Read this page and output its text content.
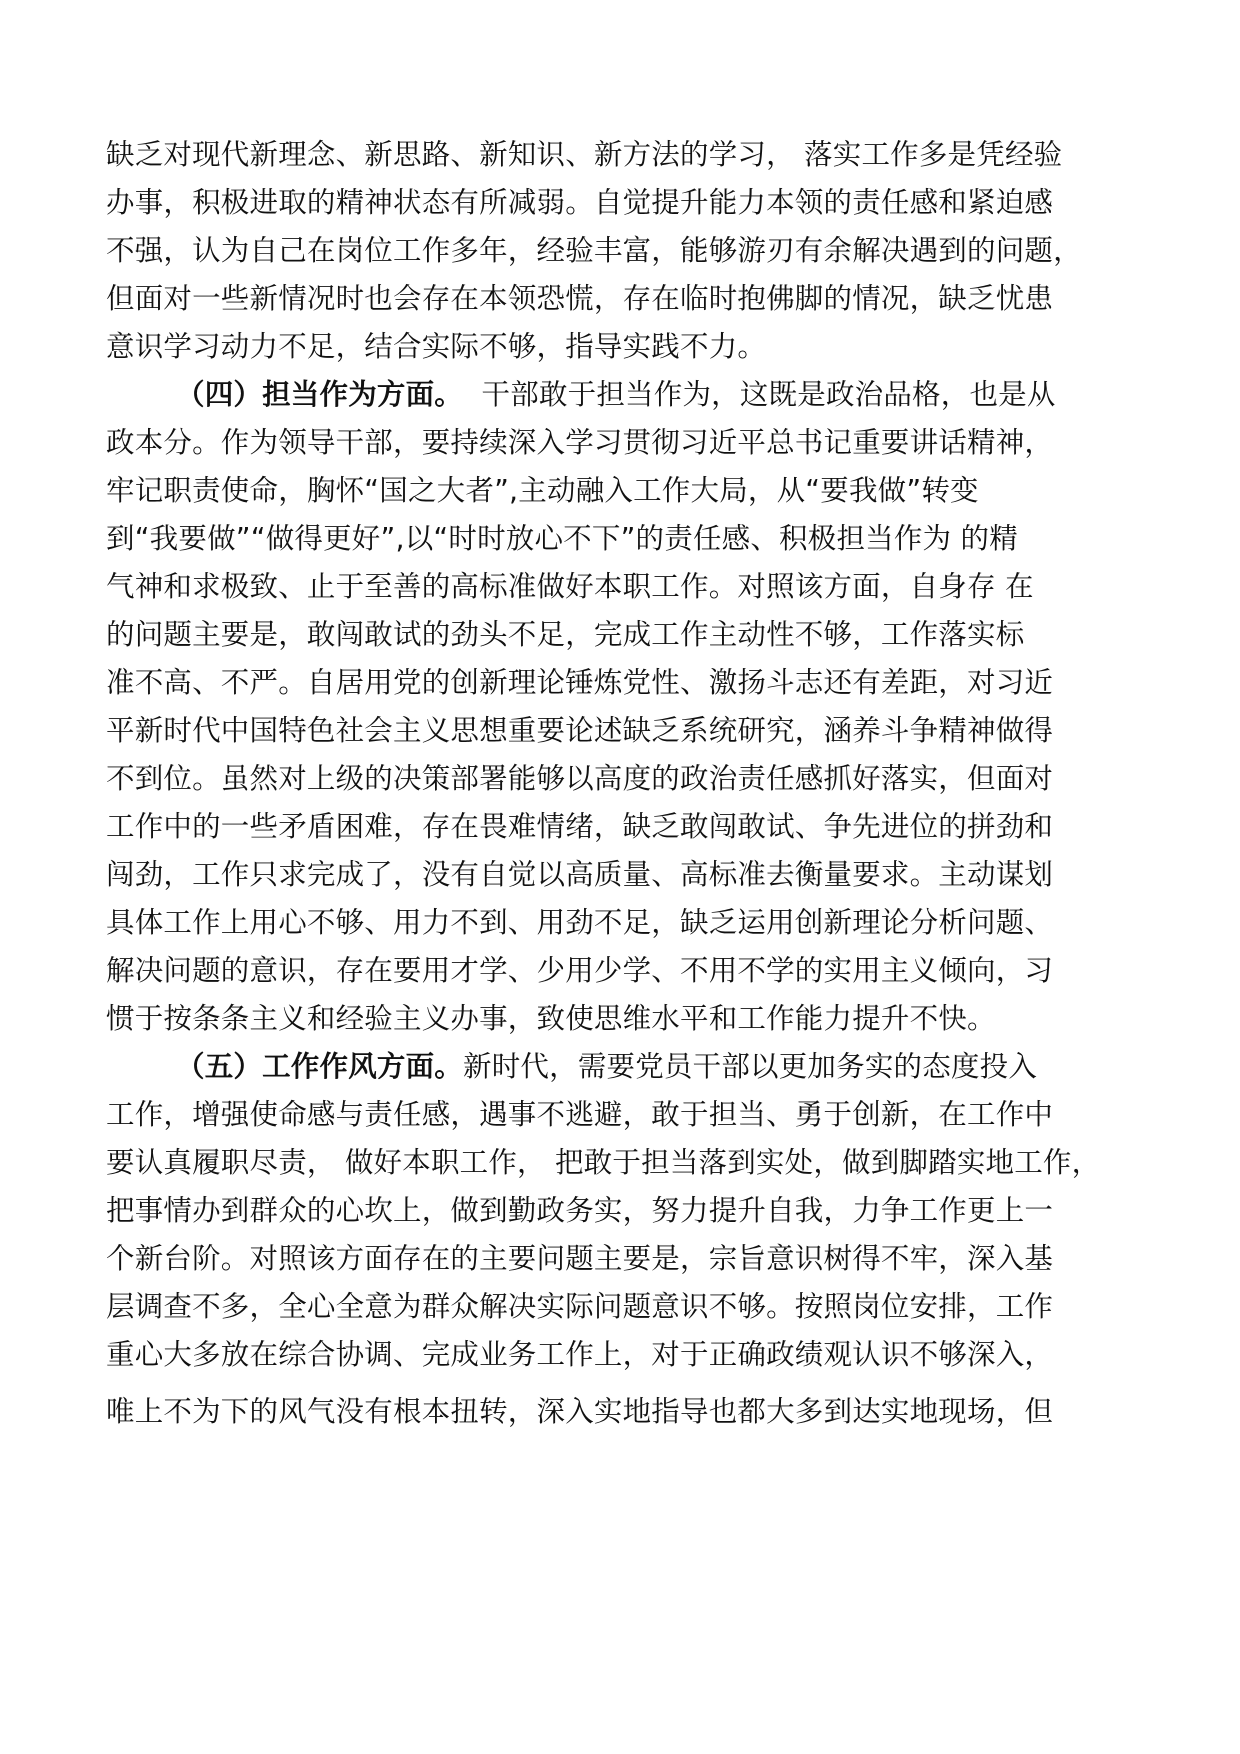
缺乏对现代新理念、新思路、新知识、新方法的学习， 落实工作多是凭经验
办事，积极进取的精神状态有所减弱。自觉提升能力本领的责任感和紧迫感
不强，认为自己在岗位工作多年，经验丰富，能够游刃有余解决遇到的问题，
但面对一些新情况时也会存在本领恐慌，存在临时抱佛脚的情况，缺乏忧患
意识学习动力不足，结合实际不够，指导实践不力。
（四）担当作为方面。 干部敢于担当作为，这既是政治品格，也是从
政本分。作为领导干部，要持续深入学习贯彻习近平总书记重要讲话精神，
牢记职责使命，胸怀“国之大者”,主动融入工作大局，从“要我做”转变
到“我要做”“做得更好”,以“时时放心不下”的责任感、积极担当作为 的精
气神和求极致、止于至善的高标准做好本职工作。对照该方面，自身存 在
的问题主要是，敢闯敢试的劲头不足，完成工作主动性不够，工作落实标
准不高、不严。自居用党的创新理论锤炼党性、激扬斗志还有差距，对习近
平新时代中国特色社会主义思想重要论述缺乏系统研究，涵养斗争精神做得
不到位。虽然对上级的决策部署能够以高度的政治责任感抓好落实，但面对
工作中的一些矛盾困难，存在畏难情绪，缺乏敢闯敢试、争先进位的拼劲和
闯劲，工作只求完成了，没有自觉以高质量、高标准去衡量要求。主动谋划
具体工作上用心不够、用力不到、用劲不足，缺乏运用创新理论分析问题、
解决问题的意识，存在要用才学、少用少学、不用不学的实用主义倾向，习
惯于按条条主义和经验主义办事，致使思维水平和工作能力提升不快。
（五）工作作风方面。新时代，需要党员干部以更加务实的态度投入
工作，增强使命感与责任感，遇事不逃避，敢于担当、勇于创新，在工作中
要认真履职尽责， 做好本职工作， 把敢于担当落到实处，做到脚踏实地工作，
把事情办到群众的心坎上，做到勤政务实，努力提升自我，力争工作更上一
个新台阶。对照该方面存在的主要问题主要是，宗旨意识树得不牢，深入基
层调查不多，全心全意为群众解决实际问题意识不够。按照岗位安排，工作
重心大多放在综合协调、完成业务工作上，对于正确政绩观认识不够深入，
唯上不为下的风气没有根本扭转，深入实地指导也都大多到达实地现场，但
